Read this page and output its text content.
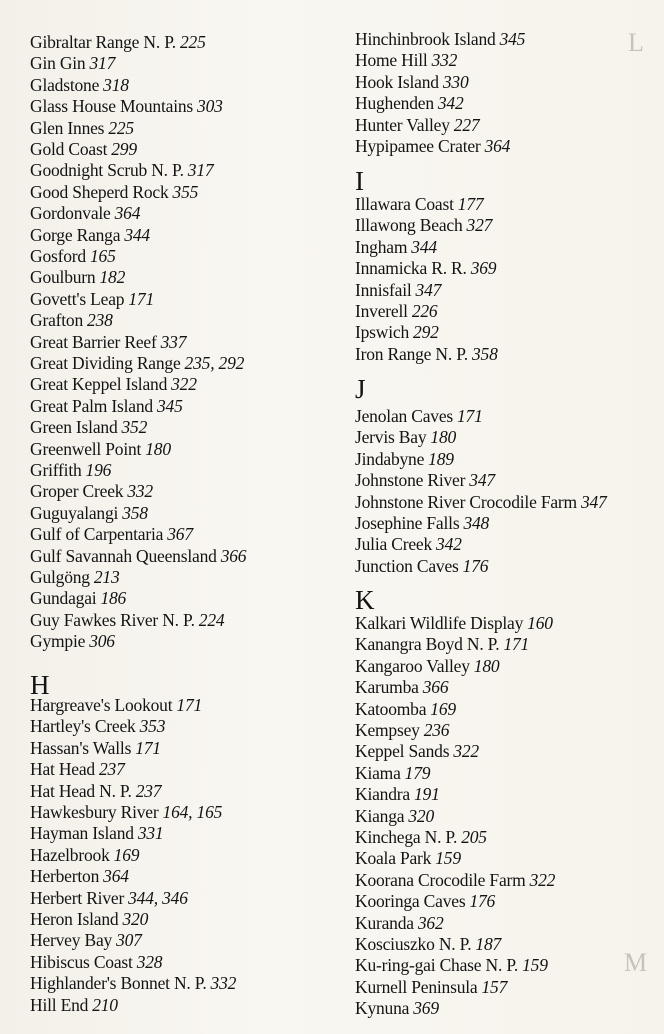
L
M
Gibraltar Range N. P. 225
Gin Gin 317
Gladstone 318
Glass House Mountains 303
Glen Innes 225
Gold Coast 299
Goodnight Scrub N. P. 317
Good Sheperd Rock 355
Gordonvale 364
Gorge Ranga 344
Gosford 165
Goulburn 182
Govett's Leap 171
Grafton 238
Great Barrier Reef 337
Great Dividing Range 235, 292
Great Keppel Island 322
Great Palm Island 345
Green Island 352
Greenwell Point 180
Griffith 196
Groper Creek 332
Guguyalangi 358
Gulf of Carpentaria 367
Gulf Savannah Queensland 366
Gulgöng 213
Gundagai 186
Guy Fawkes River N. P. 224
Gympie 306
H
Hargreave's Lookout 171
Hartley's Creek 353
Hassan's Walls 171
Hat Head 237
Hat Head N. P. 237
Hawkesbury River 164, 165
Hayman Island 331
Hazelbrook 169
Herberton 364
Herbert River 344, 346
Heron Island 320
Hervey Bay 307
Hibiscus Coast 328
Highlander's Bonnet N. P. 332
Hill End 210
Hinchinbrook Island 345
Home Hill 332
Hook Island 330
Hughenden 342
Hunter Valley 227
Hypipamee Crater 364
I
Illawara Coast 177
Illawong Beach 327
Ingham 344
Innamicka R. R. 369
Innisfail 347
Inverell 226
Ipswich 292
Iron Range N. P. 358
J
Jenolan Caves 171
Jervis Bay 180
Jindabyne 189
Johnstone River 347
Johnstone River Crocodile Farm 347
Josephine Falls 348
Julia Creek 342
Junction Caves 176
K
Kalkari Wildlife Display 160
Kanangra Boyd N. P. 171
Kangaroo Valley 180
Karumba 366
Katoomba 169
Kempsey 236
Keppel Sands 322
Kiama 179
Kiandra 191
Kianga 320
Kinchega N. P. 205
Koala Park 159
Koorana Crocodile Farm 322
Kooringa Caves 176
Kuranda 362
Kosciuszko N. P. 187
Ku-ring-gai Chase N. P. 159
Kurnell Peninsula 157
Kynuna 369
